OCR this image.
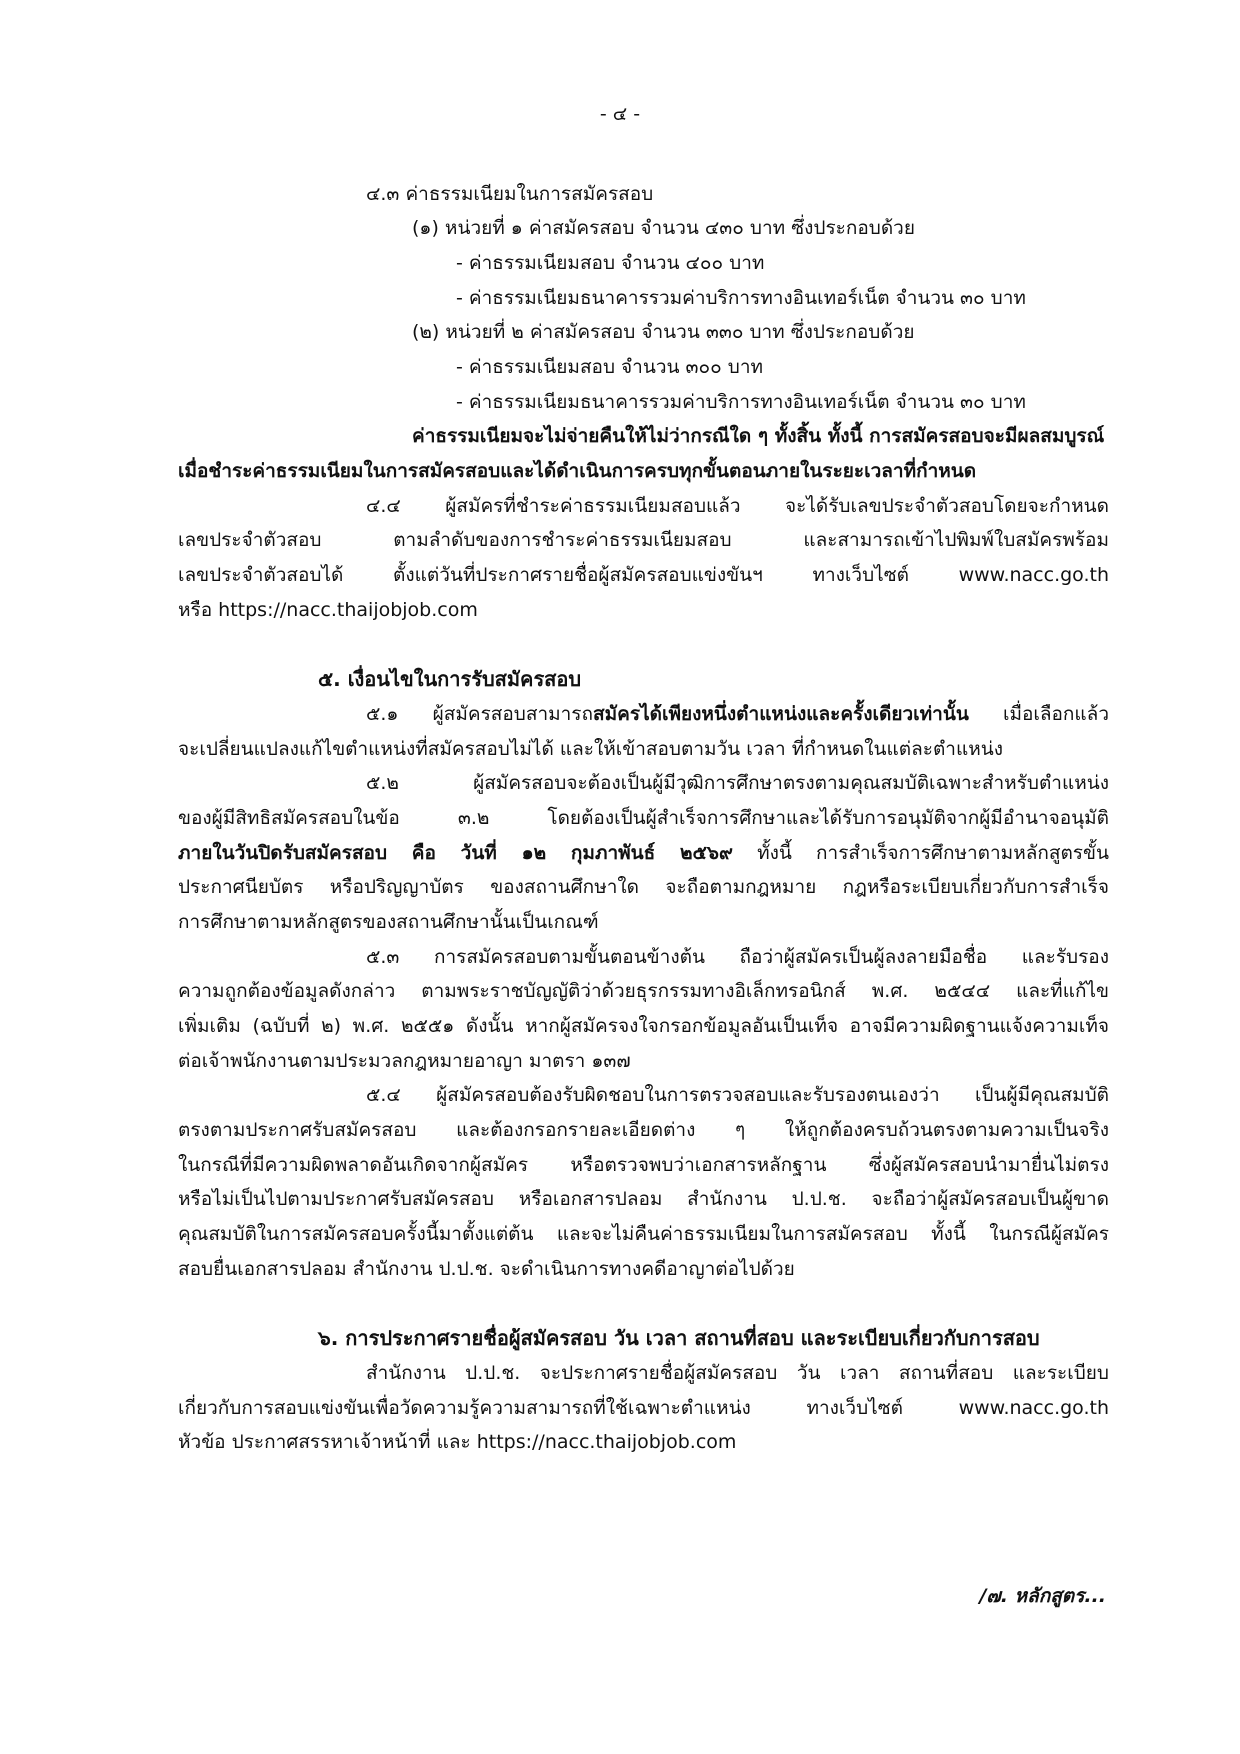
- ๔ -
๔.๓ ค่าธรรมเนียมในการสมัครสอบ
(๑) หน่วยที่ ๑ ค่าสมัครสอบ จำนวน ๔๓๐ บาท ซึ่งประกอบด้วย
- ค่าธรรมเนียมสอบ จำนวน ๔๐๐ บาท
- ค่าธรรมเนียมธนาคารรวมค่าบริการทางอินเทอร์เน็ต จำนวน ๓๐ บาท
(๒) หน่วยที่ ๒ ค่าสมัครสอบ จำนวน ๓๓๐ บาท ซึ่งประกอบด้วย
- ค่าธรรมเนียมสอบ จำนวน ๓๐๐ บาท
- ค่าธรรมเนียมธนาคารรวมค่าบริการทางอินเทอร์เน็ต จำนวน ๓๐ บาท
ค่าธรรมเนียมจะไม่จ่ายคืนให้ไม่ว่ากรณีใด ๆ ทั้งสิ้น ทั้งนี้ การสมัครสอบจะมีผลสมบูรณ์
เมื่อชำระค่าธรรมเนียมในการสมัครสอบและได้ดำเนินการครบทุกขั้นตอนภายในระยะเวลาที่กำหนด
๔.๔ ผู้สมัครที่ชำระค่าธรรมเนียมสอบแล้ว จะได้รับเลขประจำตัวสอบโดยจะกำหนด
เลขประจำตัวสอบ ตามลำดับของการชำระค่าธรรมเนียมสอบ และสามารถเข้าไปพิมพ์ใบสมัครพร้อม
เลขประจำตัวสอบได้ ตั้งแต่วันที่ประกาศรายชื่อผู้สมัครสอบแข่งขันฯ ทางเว็บไซต์ www.nacc.go.th
หรือ https://nacc.thaijobjob.com
๕. เงื่อนไขในการรับสมัครสอบ
๕.๑ ผู้สมัครสอบสามารถสมัครได้เพียงหนึ่งตำแหน่งและครั้งเดียวเท่านั้น เมื่อเลือกแล้ว
จะเปลี่ยนแปลงแก้ไขตำแหน่งที่สมัครสอบไม่ได้ และให้เข้าสอบตามวัน เวลา ที่กำหนดในแต่ละตำแหน่ง
๕.๒ ผู้สมัครสอบจะต้องเป็นผู้มีวุฒิการศึกษาตรงตามคุณสมบัติเฉพาะสำหรับตำแหน่ง
ของผู้มีสิทธิสมัครสอบในข้อ ๓.๒ โดยต้องเป็นผู้สำเร็จการศึกษาและได้รับการอนุมัติจากผู้มีอำนาจอนุมัติ
ภายในวันปิดรับสมัครสอบ คือ วันที่ ๑๒ กุมภาพันธ์ ๒๕๖๙ ทั้งนี้ การสำเร็จการศึกษาตามหลักสูตรขั้น
ประกาศนียบัตร หรือปริญญาบัตร ของสถานศึกษาใด จะถือตามกฎหมาย กฎหรือระเบียบเกี่ยวกับการสำเร็จ
การศึกษาตามหลักสูตรของสถานศึกษานั้นเป็นเกณฑ์
๕.๓ การสมัครสอบตามขั้นตอนข้างต้น ถือว่าผู้สมัครเป็นผู้ลงลายมือชื่อ และรับรอง
ความถูกต้องข้อมูลดังกล่าว ตามพระราชบัญญัติว่าด้วยธุรกรรมทางอิเล็กทรอนิกส์ พ.ศ. ๒๕๔๔ และที่แก้ไข
เพิ่มเติม (ฉบับที่ ๒) พ.ศ. ๒๕๕๑ ดังนั้น หากผู้สมัครจงใจกรอกข้อมูลอันเป็นเท็จ อาจมีความผิดฐานแจ้งความเท็จ
ต่อเจ้าพนักงานตามประมวลกฎหมายอาญา มาตรา ๑๓๗
๕.๔ ผู้สมัครสอบต้องรับผิดชอบในการตรวจสอบและรับรองตนเองว่า เป็นผู้มีคุณสมบัติ
ตรงตามประกาศรับสมัครสอบ และต้องกรอกรายละเอียดต่าง ๆ ให้ถูกต้องครบถ้วนตรงตามความเป็นจริง
ในกรณีที่มีความผิดพลาดอันเกิดจากผู้สมัคร หรือตรวจพบว่าเอกสารหลักฐาน ซึ่งผู้สมัครสอบนำมายื่นไม่ตรง
หรือไม่เป็นไปตามประกาศรับสมัครสอบ หรือเอกสารปลอม สำนักงาน ป.ป.ช. จะถือว่าผู้สมัครสอบเป็นผู้ขาด
คุณสมบัติในการสมัครสอบครั้งนี้มาตั้งแต่ต้น และจะไม่คืนค่าธรรมเนียมในการสมัครสอบ ทั้งนี้ ในกรณีผู้สมัคร
สอบยื่นเอกสารปลอม สำนักงาน ป.ป.ช. จะดำเนินการทางคดีอาญาต่อไปด้วย
๖. การประกาศรายชื่อผู้สมัครสอบ วัน เวลา สถานที่สอบ และระเบียบเกี่ยวกับการสอบ
สำนักงาน ป.ป.ช. จะประกาศรายชื่อผู้สมัครสอบ วัน เวลา สถานที่สอบ และระเบียบ
เกี่ยวกับการสอบแข่งขันเพื่อวัดความรู้ความสามารถที่ใช้เฉพาะตำแหน่ง ทางเว็บไซต์ www.nacc.go.th
หัวข้อ ประกาศสรรหาเจ้าหน้าที่ และ https://nacc.thaijobjob.com
/๗. หลักสูตร...
